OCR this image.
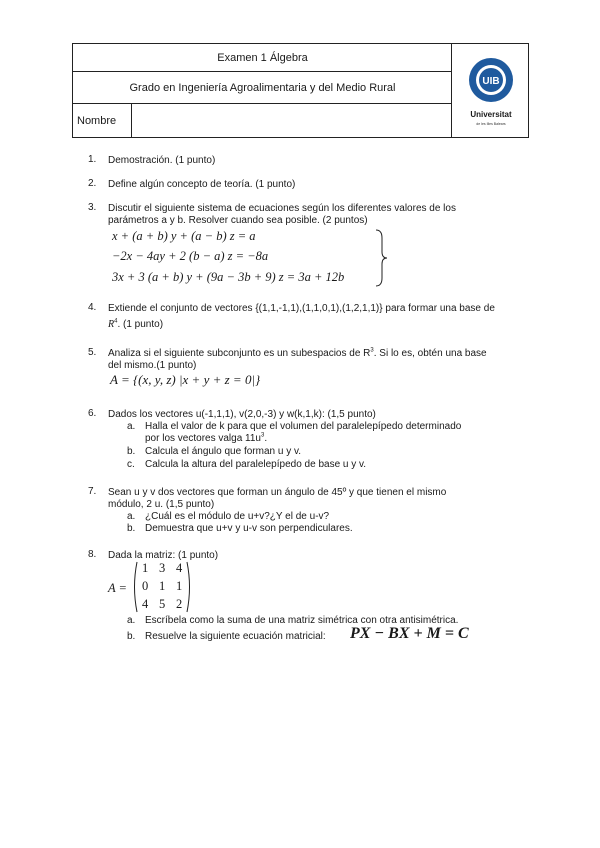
Examen 1 Álgebra
Grado en Ingeniería Agroalimentaria y del Medio Rural
Nombre
UIB
Universitat
de les Illes Balears
1. Demostración. (1 punto)
2. Define algún concepto de teoría. (1 punto)
3. Discutir el siguiente sistema de ecuaciones según los diferentes valores de los
parámetros a y b. Resolver cuando sea posible. (2 puntos)
x + (a + b) y + (a − b) z = a
−2x − 4ay + 2 (b − a) z = −8a
3x + 3 (a + b) y + (9a − 3b + 9) z = 3a + 12b
4. Extiende el conjunto de vectores {(1,1,-1,1),(1,1,0,1),(1,2,1,1)} para formar una base de
$R^4$. (1 punto)
5. Analiza si el siguiente subconjunto es un subespacios de $R^3$. Si lo es, obtén una base
del mismo.(1 punto)
A = {(x, y, z) |x + y + z = 0|}
6. Dados los vectores u(-1,1,1), v(2,0,-3) y w(k,1,k): (1,5 punto)
a. Halla el valor de k para que el volumen del paralelepípedo determinado
por los vectores valga $11u^3$.
b. Calcula el ángulo que forman u y v.
c. Calcula la altura del paralelepípedo de base u y v.
7. Sean u y v dos vectores que forman un ángulo de 45º y que tienen el mismo
módulo, 2 u. (1,5 punto)
a. ¿Cuál es el módulo de u+v?¿Y el de u-v?
b. Demuestra que u+v y u-v son perpendiculares.
8. Dada la matriz: (1 punto)
A =
1 3 4
0 1 1
4 5 2
a. Escríbela como la suma de una matriz simétrica con otra antisimétrica.
b. Resuelve la siguiente ecuación matricial: PX − BX + M = C
